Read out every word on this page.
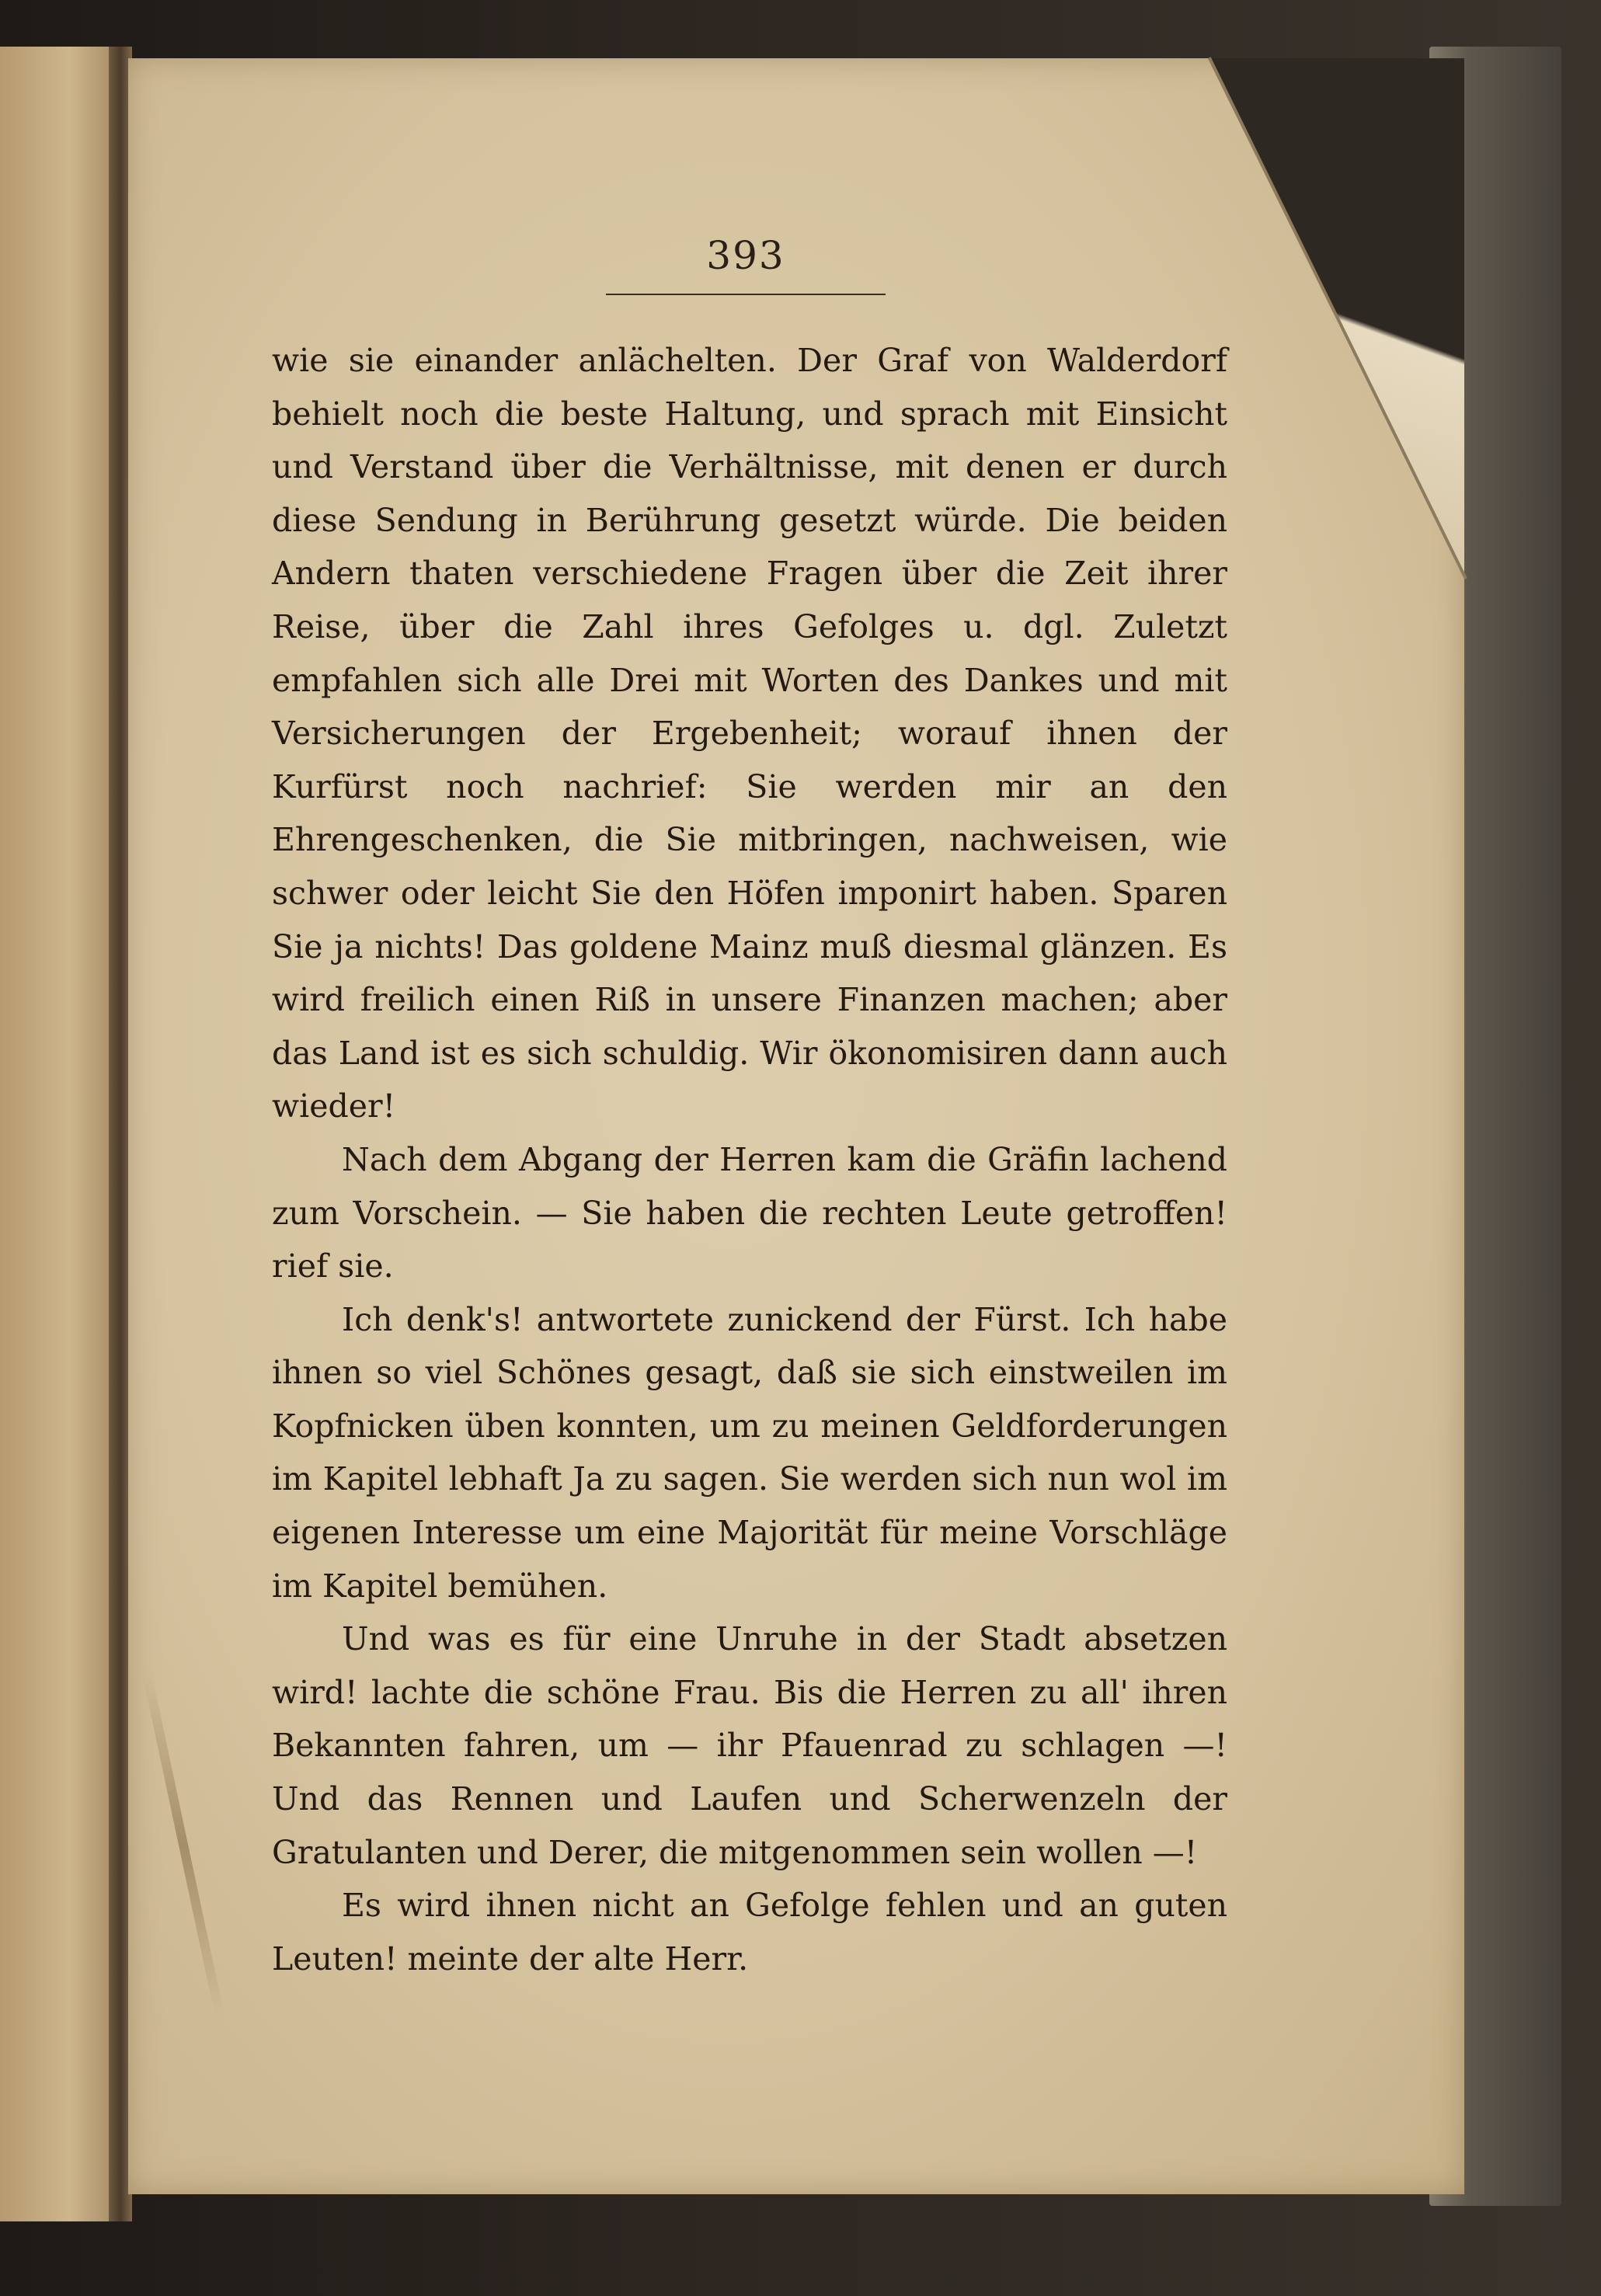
393

wie sie einander anlächelten. Der Graf von Walderdorf behielt noch die beste Haltung, und sprach mit Einsicht und Verstand über die Verhältnisse, mit denen er durch diese Sendung in Berührung gesetzt würde. Die beiden Andern thaten verschiedene Fragen über die Zeit ihrer Reise, über die Zahl ihres Gefolges u. dgl. Zuletzt empfahlen sich alle Drei mit Worten des Dankes und mit Versicherungen der Ergebenheit; worauf ihnen der Kurfürst noch nachrief: Sie werden mir an den Ehrengeschenken, die Sie mitbringen, nachweisen, wie schwer oder leicht Sie den Höfen imponirt haben. Sparen Sie ja nichts! Das goldene Mainz muß diesmal glänzen. Es wird freilich einen Riß in unsere Finanzen machen; aber das Land ist es sich schuldig. Wir ökonomisiren dann auch wieder!

Nach dem Abgang der Herren kam die Gräfin lachend zum Vorschein. — Sie haben die rechten Leute getroffen! rief sie.

Ich denk's! antwortete zunickend der Fürst. Ich habe ihnen so viel Schönes gesagt, daß sie sich einstweilen im Kopfnicken üben konnten, um zu meinen Geldforderungen im Kapitel lebhaft Ja zu sagen. Sie werden sich nun wol im eigenen Interesse um eine Majorität für meine Vorschläge im Kapitel bemühen.

Und was es für eine Unruhe in der Stadt absetzen wird! lachte die schöne Frau. Bis die Herren zu all' ihren Bekannten fahren, um — ihr Pfauenrad zu schlagen —! Und das Rennen und Laufen und Scherwenzeln der Gratulanten und Derer, die mitgenommen sein wollen —!

Es wird ihnen nicht an Gefolge fehlen und an guten Leuten! meinte der alte Herr.
